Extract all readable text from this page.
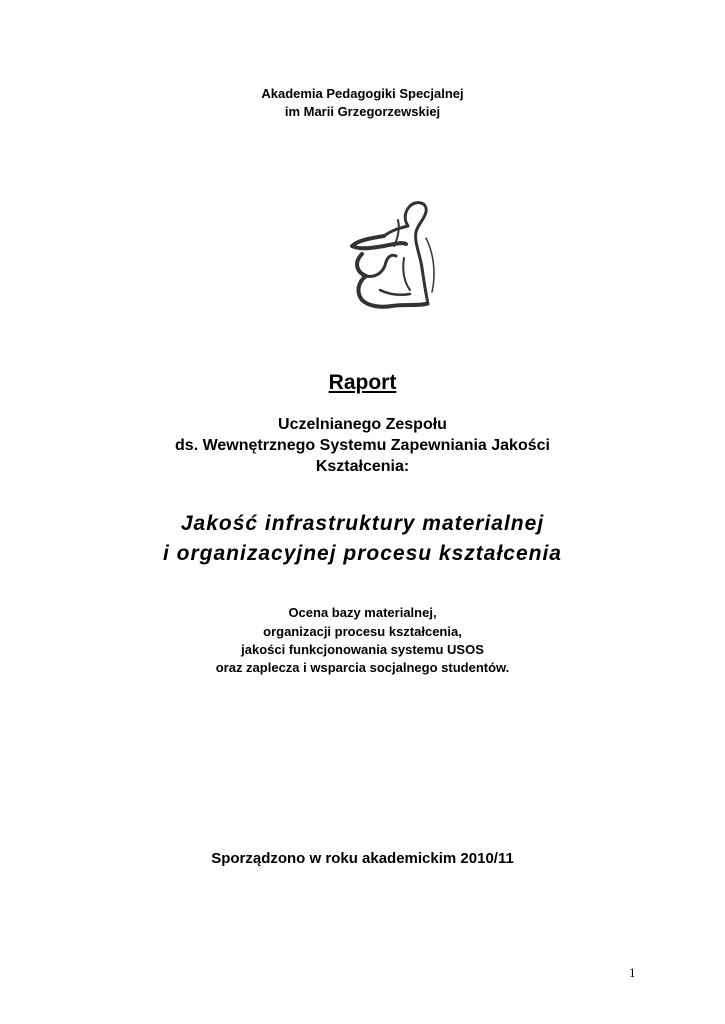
Akademia Pedagogiki Specjalnej
im Marii Grzegorzewskiej
Raport
Uczelnianego Zespołu
ds. Wewnętrznego Systemu Zapewniania Jakości
Kształcenia:
Jakość infrastruktury materialnej
i organizacyjnej procesu kształcenia
Ocena bazy materialnej,
organizacji procesu kształcenia,
jakości funkcjonowania systemu USOS
oraz zaplecza i wsparcia socjalnego studentów.
Sporządzono w roku akademickim 2010/11
1
